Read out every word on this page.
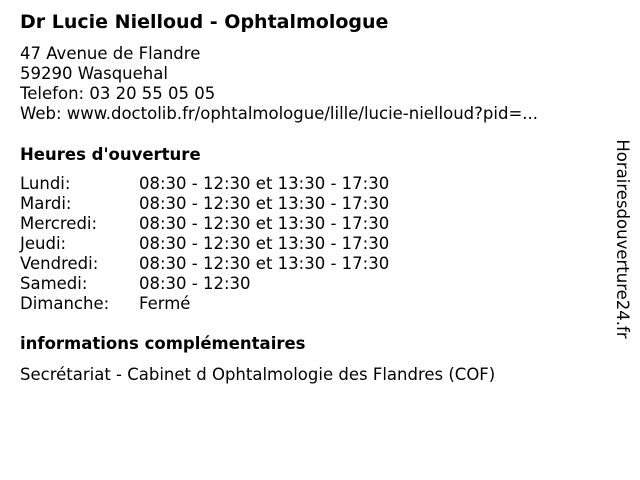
Dr Lucie Nielloud - Ophtalmologue
47 Avenue de Flandre
59290 Wasquehal
Telefon: 03 20 55 05 05
Web: www.doctolib.fr/ophtalmologue/lille/lucie-nielloud?pid=...
Heures d'ouverture
Lundi:	08:30 - 12:30 et 13:30 - 17:30
Mardi:	08:30 - 12:30 et 13:30 - 17:30
Mercredi:	08:30 - 12:30 et 13:30 - 17:30
Jeudi:	08:30 - 12:30 et 13:30 - 17:30
Vendredi:	08:30 - 12:30 et 13:30 - 17:30
Samedi:	08:30 - 12:30
Dimanche:	Fermé
informations complémentaires
Secrétariat - Cabinet d Ophtalmologie des Flandres (COF)
Horairesdouverture24.fr
